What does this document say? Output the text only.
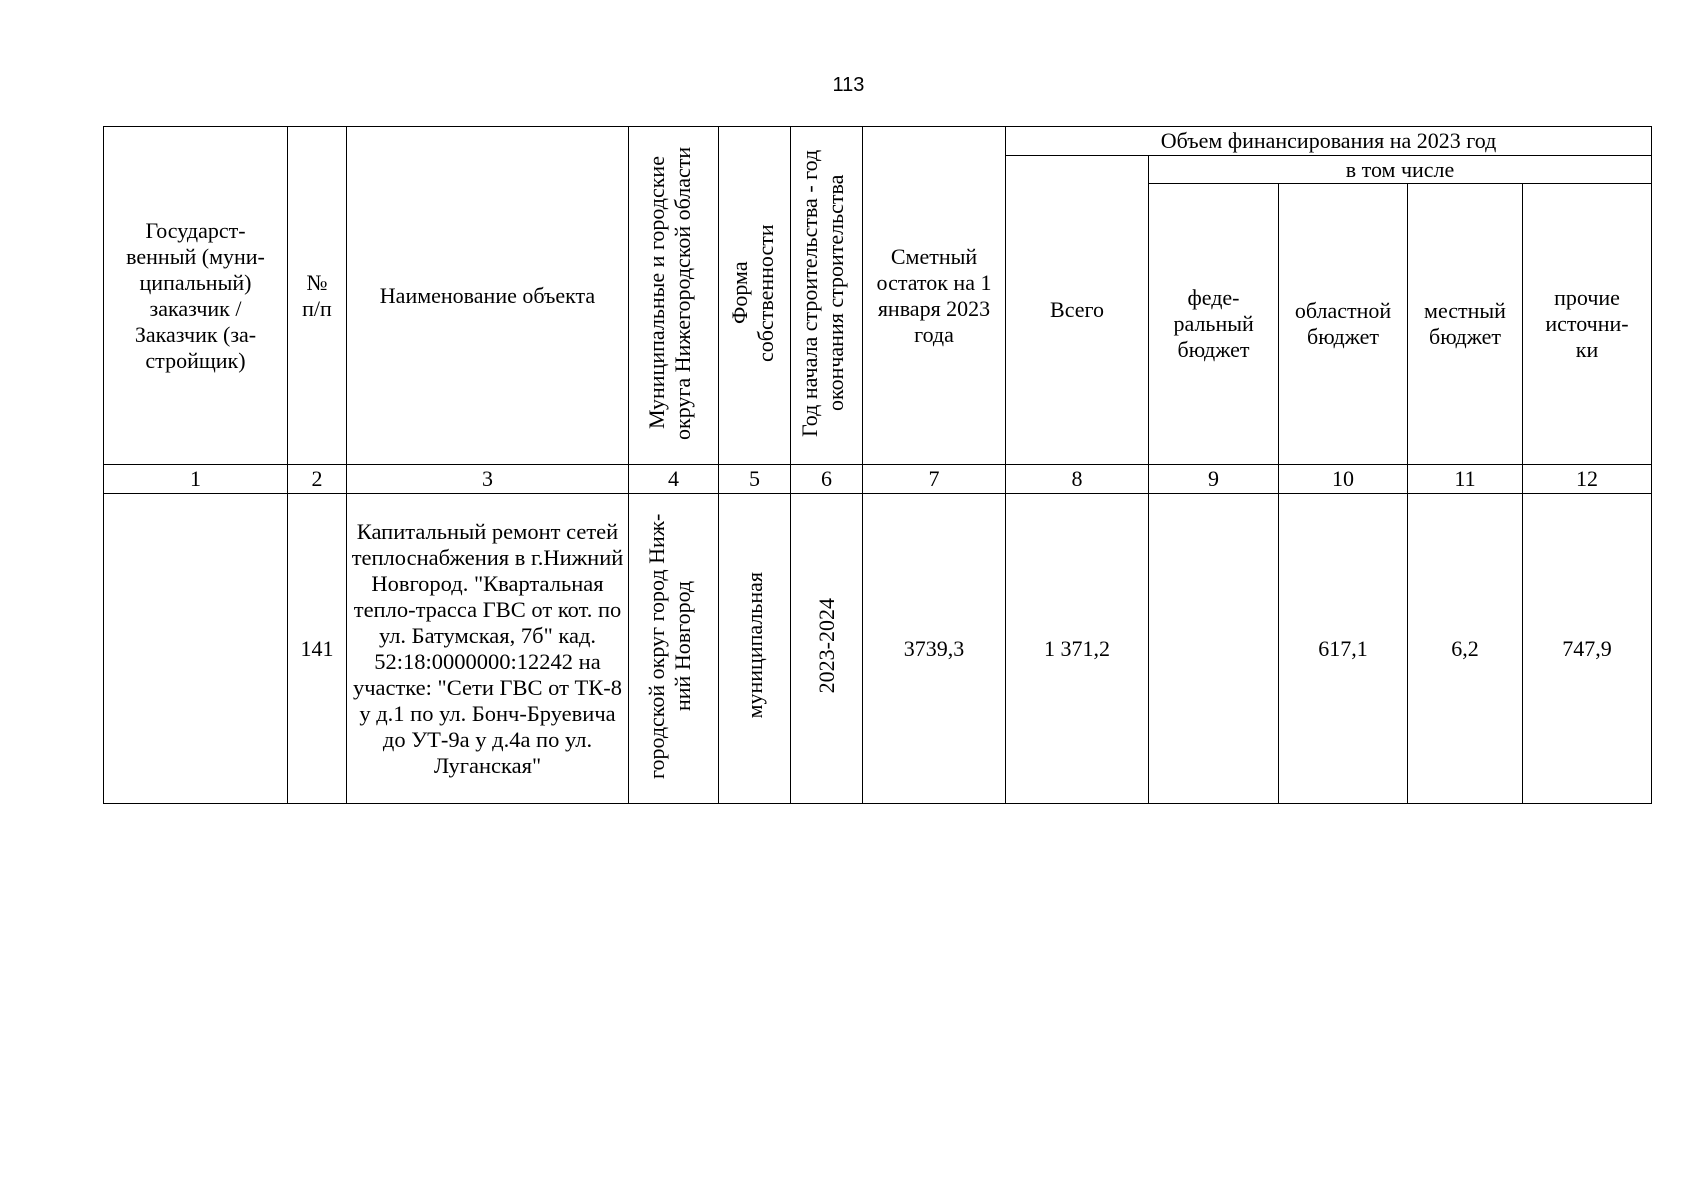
113
Государст-венный (муни-ципальный) заказчик / Заказчик (за-стройщик)	№ п/п	Наименование объекта	Муниципальные и городские округа Нижегородской области	Форма собственности	Год начала строительства - год окончания строительства	Сметный остаток на 1 января 2023 года	Объем финансирования на 2023 год				
							Всего	в том числе			

								феде-ральный бюджет	областной бюджет	местный бюджет	прочие источни-ки

1	2	3	4	5	6	7	8	9	10	11	12
	141	Капитальный ремонт сетей теплоснабжения в г.Нижний Новгород. "Квартальная тепло-трасса ГВС от кот. по ул. Батумская, 7б" кад. 52:18:0000000:12242 на участке: "Сети ГВС от ТК-8 у д.1 по ул. Бонч-Бруевича до УТ-9а у д.4а по ул. Луганская"	городской округ город Ниж-ний Новгород	муниципальная	2023-2024	3739,3	1 371,2		617,1	6,2	747,9
